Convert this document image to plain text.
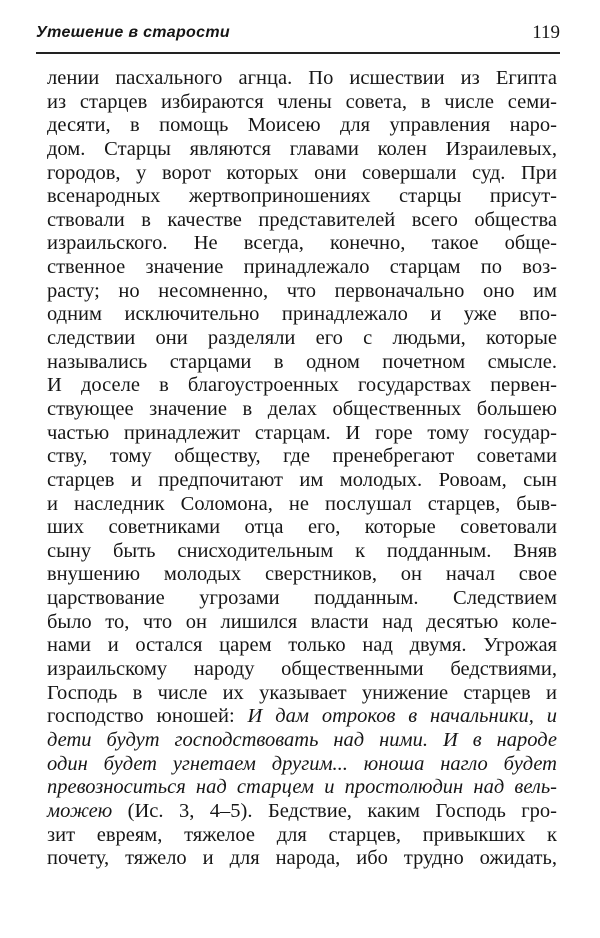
Утешение в старости	119
лении пасхального агнца. По исшествии из Египта
из старцев избираются члены совета, в числе семи-
десяти, в помощь Моисею для управления наро-
дом. Старцы являются главами колен Израилевых,
городов, у ворот которых они совершали суд. При
всенародных жертвоприношениях старцы присут-
ствовали в качестве представителей всего общества
израильского. Не всегда, конечно, такое обще-
ственное значение принадлежало старцам по воз-
расту; но несомненно, что первоначально оно им
одним исключительно принадлежало и уже впо-
следствии они разделяли его с людьми, которые
назывались старцами в одном почетном смысле.
И доселе в благоустроенных государствах первен-
ствующее значение в делах общественных большею
частью принадлежит старцам. И горе тому государ-
ству, тому обществу, где пренебрегают советами
старцев и предпочитают им молодых. Ровоам, сын
и наследник Соломона, не послушал старцев, быв-
ших советниками отца его, которые советовали
сыну быть снисходительным к подданным. Вняв
внушению молодых сверстников, он начал свое
царствование угрозами подданным. Следствием
было то, что он лишился власти над десятью коле-
нами и остался царем только над двумя. Угрожая
израильскому народу общественными бедствиями,
Господь в числе их указывает унижение старцев и
господство юношей: И дам отроков в начальники, и
дети будут господствовать над ними. И в народе
один будет угнетаем другим... юноша нагло будет
превозноситься над старцем и простолюдин над вель-
можею (Ис. 3, 4–5). Бедствие, каким Господь гро-
зит евреям, тяжелое для старцев, привыкших к
почету, тяжело и для народа, ибо трудно ожидать,
